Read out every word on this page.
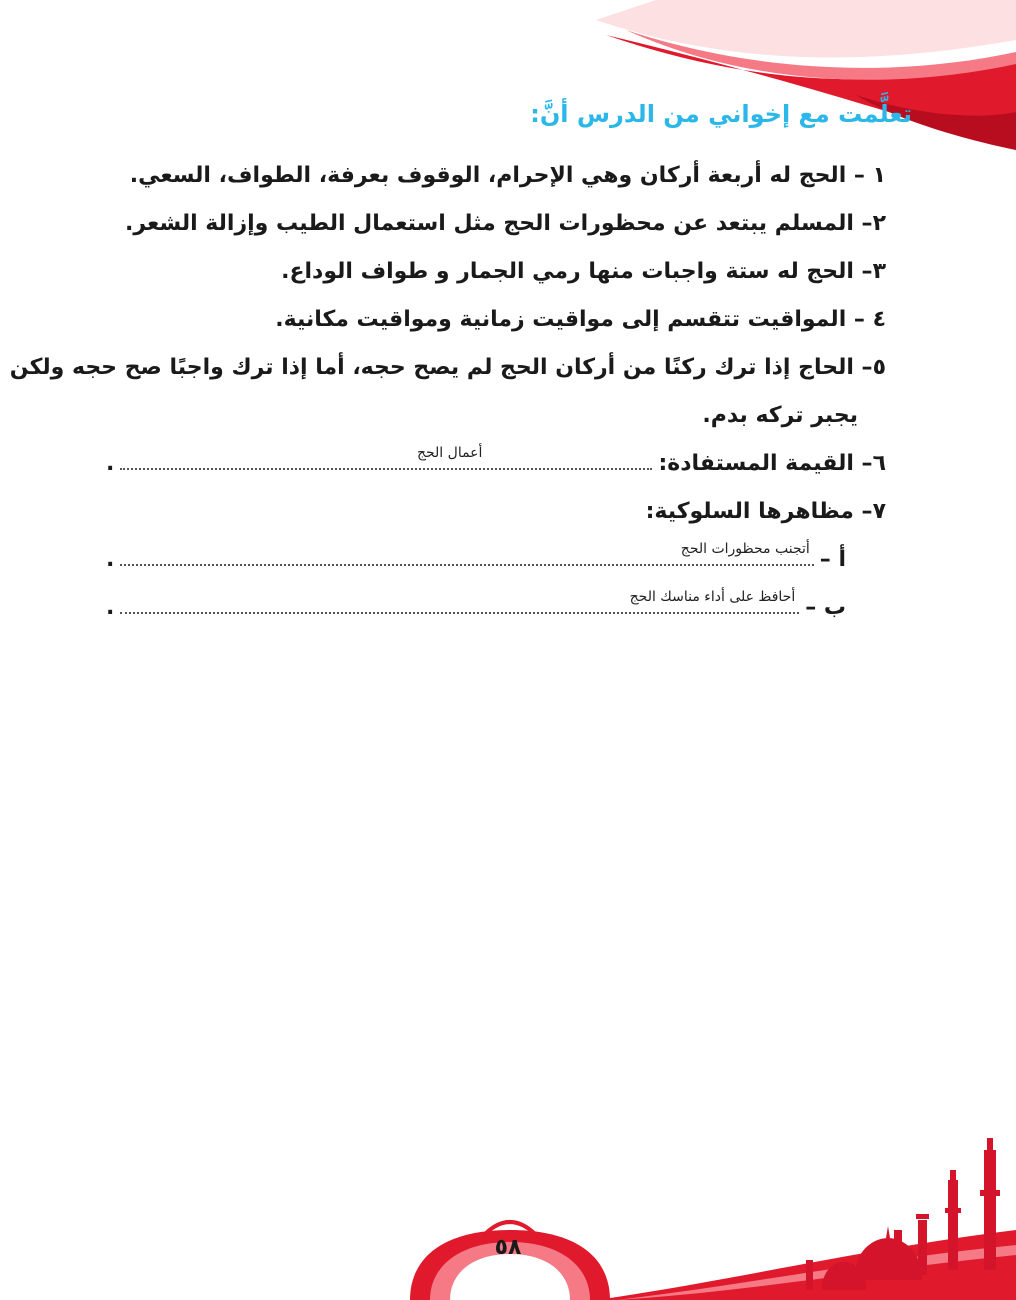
تعلَّمت مع إخواني من الدرس أنَّ:
١ – الحج له أربعة أركان وهي الإحرام، الوقوف بعرفة، الطواف، السعي.
٢– المسلم يبتعد عن محظورات الحج مثل استعمال الطيب وإزالة الشعر.
٣– الحج له ستة واجبات منها رمي الجمار و طواف الوداع.
٤ – المواقيت تتقسم إلى مواقيت زمانية ومواقيت مكانية.
٥– الحاج إذا ترك ركنًا من أركان الحج لم يصح حجه، أما إذا ترك واجبًا صح حجه ولكن
يجبر تركه بدم.
٦– القيمة المستفادة:
أعمال الحج
.
٧– مظاهرها السلوكية:
أ –
أتجنب محظورات الحج
.
ب –
أحافظ على أداء مناسك الحج
.
٥٨
